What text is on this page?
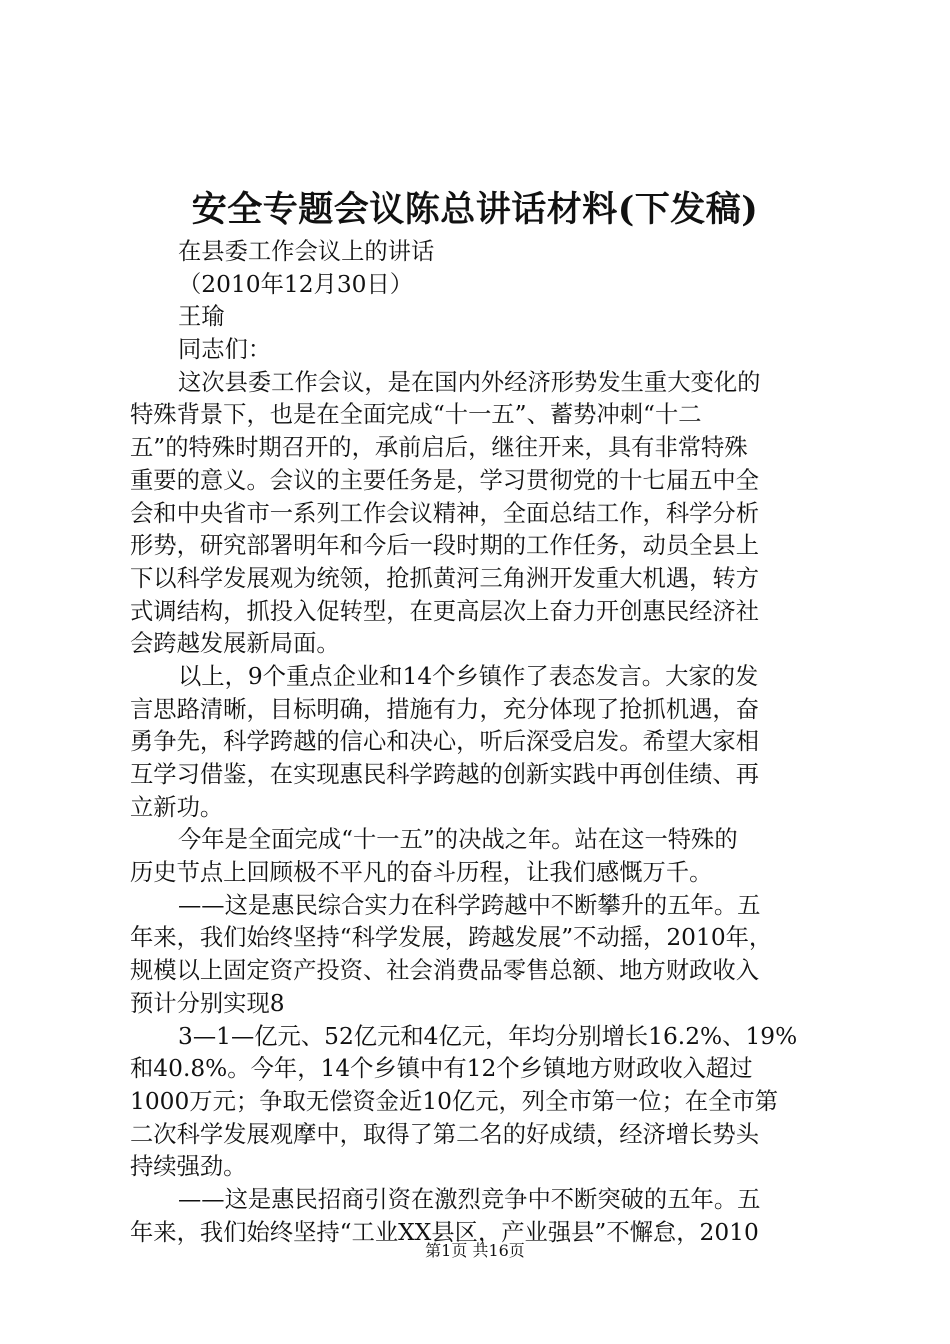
安全专题会议陈总讲话材料(下发稿)
在县委工作会议上的讲话
（2010年12月30日）
王瑜
同志们：
这次县委工作会议，是在国内外经济形势发生重大变化的
特殊背景下，也是在全面完成“十一五”、蓄势冲刺“十二
五”的特殊时期召开的，承前启后，继往开来，具有非常特殊
重要的意义。会议的主要任务是，学习贯彻党的十七届五中全
会和中央省市一系列工作会议精神，全面总结工作，科学分析
形势，研究部署明年和今后一段时期的工作任务，动员全县上
下以科学发展观为统领，抢抓黄河三角洲开发重大机遇，转方
式调结构，抓投入促转型，在更高层次上奋力开创惠民经济社
会跨越发展新局面。
以上，9个重点企业和14个乡镇作了表态发言。大家的发
言思路清晰，目标明确，措施有力，充分体现了抢抓机遇，奋
勇争先，科学跨越的信心和决心，听后深受启发。希望大家相
互学习借鉴，在实现惠民科学跨越的创新实践中再创佳绩、再
立新功。
今年是全面完成“十一五”的决战之年。站在这一特殊的
历史节点上回顾极不平凡的奋斗历程，让我们感慨万千。
——这是惠民综合实力在科学跨越中不断攀升的五年。五
年来，我们始终坚持“科学发展，跨越发展”不动摇，2010年，
规模以上固定资产投资、社会消费品零售总额、地方财政收入
预计分别实现8
3—1—亿元、52亿元和4亿元，年均分别增长16.2%、19%
和40.8%。今年，14个乡镇中有12个乡镇地方财政收入超过
1000万元；争取无偿资金近10亿元，列全市第一位；在全市第
二次科学发展观摩中，取得了第二名的好成绩，经济增长势头
持续强劲。
——这是惠民招商引资在激烈竞争中不断突破的五年。五
年来，我们始终坚持“工业XX县区，产业强县”不懈怠，2010
第1页 共16页
